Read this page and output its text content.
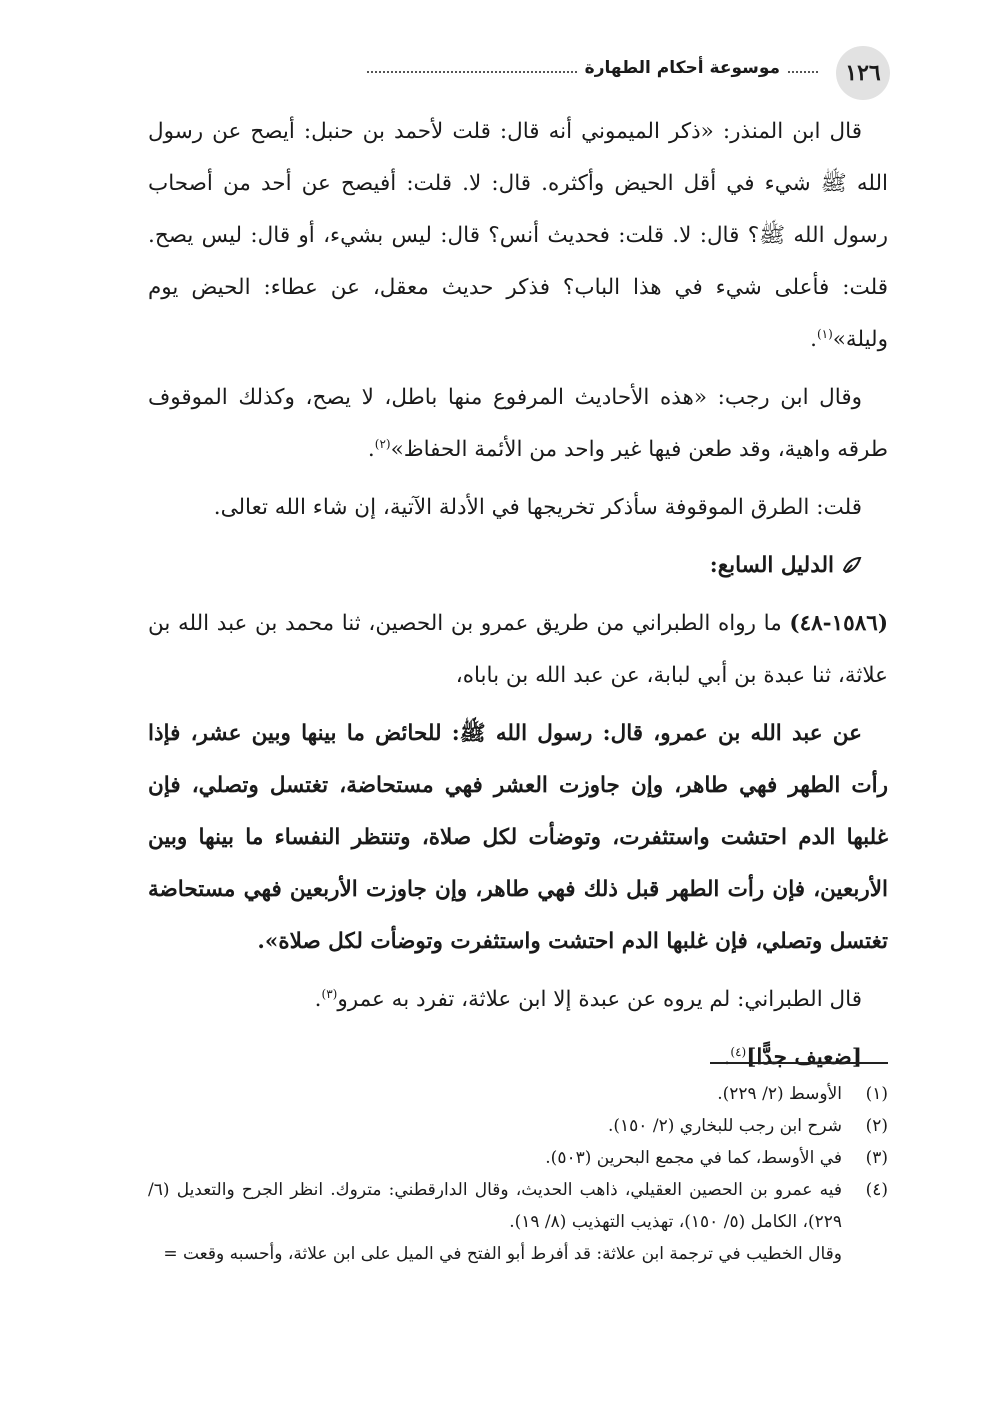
١٢٦
موسوعة أحكام الطهارة

قال ابن المنذر: «ذكر الميموني أنه قال: قلت لأحمد بن حنبل: أيصح عن رسول الله ﷺ شيء في أقل الحيض وأكثره. قال: لا. قلت: أفيصح عن أحد من أصحاب رسول الله ﷺ؟ قال: لا. قلت: فحديث أنس؟ قال: ليس بشيء، أو قال: ليس يصح. قلت: فأعلى شيء في هذا الباب؟ فذكر حديث معقل، عن عطاء: الحيض يوم وليلة»$^{(١)}$.

وقال ابن رجب: «هذه الأحاديث المرفوع منها باطل، لا يصح، وكذلك الموقوف طرقه واهية، وقد طعن فيها غير واحد من الأئمة الحفاظ»$^{(٢)}$.

قلت: الطرق الموقوفة سأذكر تخريجها في الأدلة الآتية، إن شاء الله تعالى.

الدليل السابع:

(١٥٨٦-٤٨) ما رواه الطبراني من طريق عمرو بن الحصين، ثنا محمد بن عبد الله بن علاثة، ثنا عبدة بن أبي لبابة، عن عبد الله بن باباه،

عن عبد الله بن عمرو، قال: رسول الله ﷺ: للحائض ما بينها وبين عشر، فإذا رأت الطهر فهي طاهر، وإن جاوزت العشر فهي مستحاضة، تغتسل وتصلي، فإن غلبها الدم احتشت واستثفرت، وتوضأت لكل صلاة، وتنتظر النفساء ما بينها وبين الأربعين، فإن رأت الطهر قبل ذلك فهي طاهر، وإن جاوزت الأربعين فهي مستحاضة تغتسل وتصلي، فإن غلبها الدم احتشت واستثفرت وتوضأت لكل صلاة».

قال الطبراني: لم يروه عن عبدة إلا ابن علاثة، تفرد به عمرو$^{(٣)}$.

[ضعيف جدًّا]$^{(٤)}$.

(١)
الأوسط (٢/ ٢٢٩).
(٢)
شرح ابن رجب للبخاري (٢/ ١٥٠).
(٣)
في الأوسط، كما في مجمع البحرين (٥٠٣).
(٤)
فيه عمرو بن الحصين العقيلي، ذاهب الحديث، وقال الدارقطني: متروك. انظر الجرح والتعديل (٦/ ٢٢٩)، الكامل (٥/ ١٥٠)، تهذيب التهذيب (٨/ ١٩).
وقال الخطيب في ترجمة ابن علاثة: قد أفرط أبو الفتح في الميل على ابن علاثة، وأحسبه وقعت =
